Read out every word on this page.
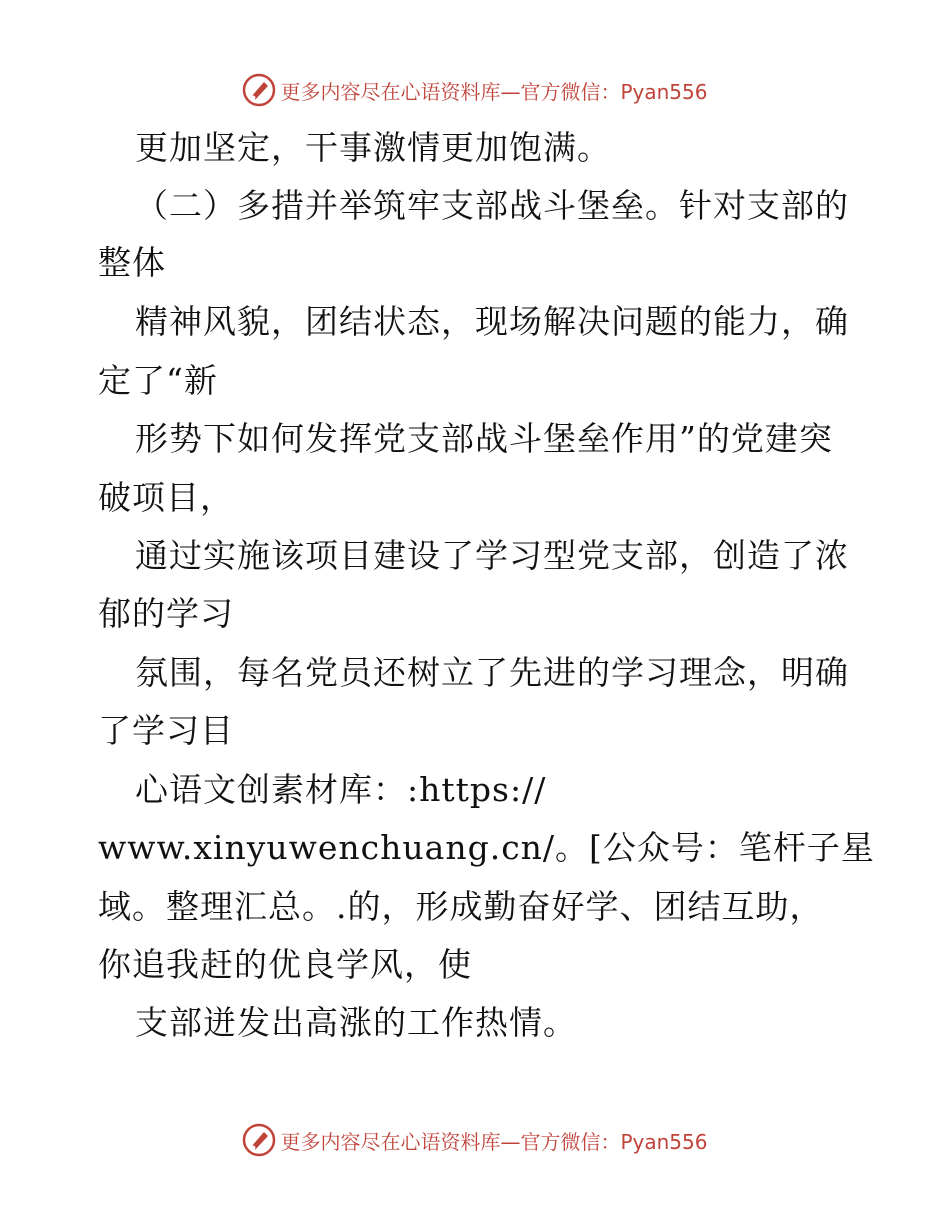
更多内容尽在心语资料库—官方微信：Pyan556
更加坚定，干事激情更加饱满。
（二）多措并举筑牢支部战斗堡垒。针对支部的
整体
精神风貌，团结状态，现场解决问题的能力，确
定了“新
形势下如何发挥党支部战斗堡垒作用”的党建突
破项目，
通过实施该项目建设了学习型党支部，创造了浓
郁的学习
氛围，每名党员还树立了先进的学习理念，明确
了学习目
心语文创素材库：:https://
www.xinyuwenchuang.cn/。[公众号：笔杆子星
域。整理汇总。.的，形成勤奋好学、团结互助，
你追我赶的优良学风，使
支部迸发出高涨的工作热情。
更多内容尽在心语资料库—官方微信：Pyan556
